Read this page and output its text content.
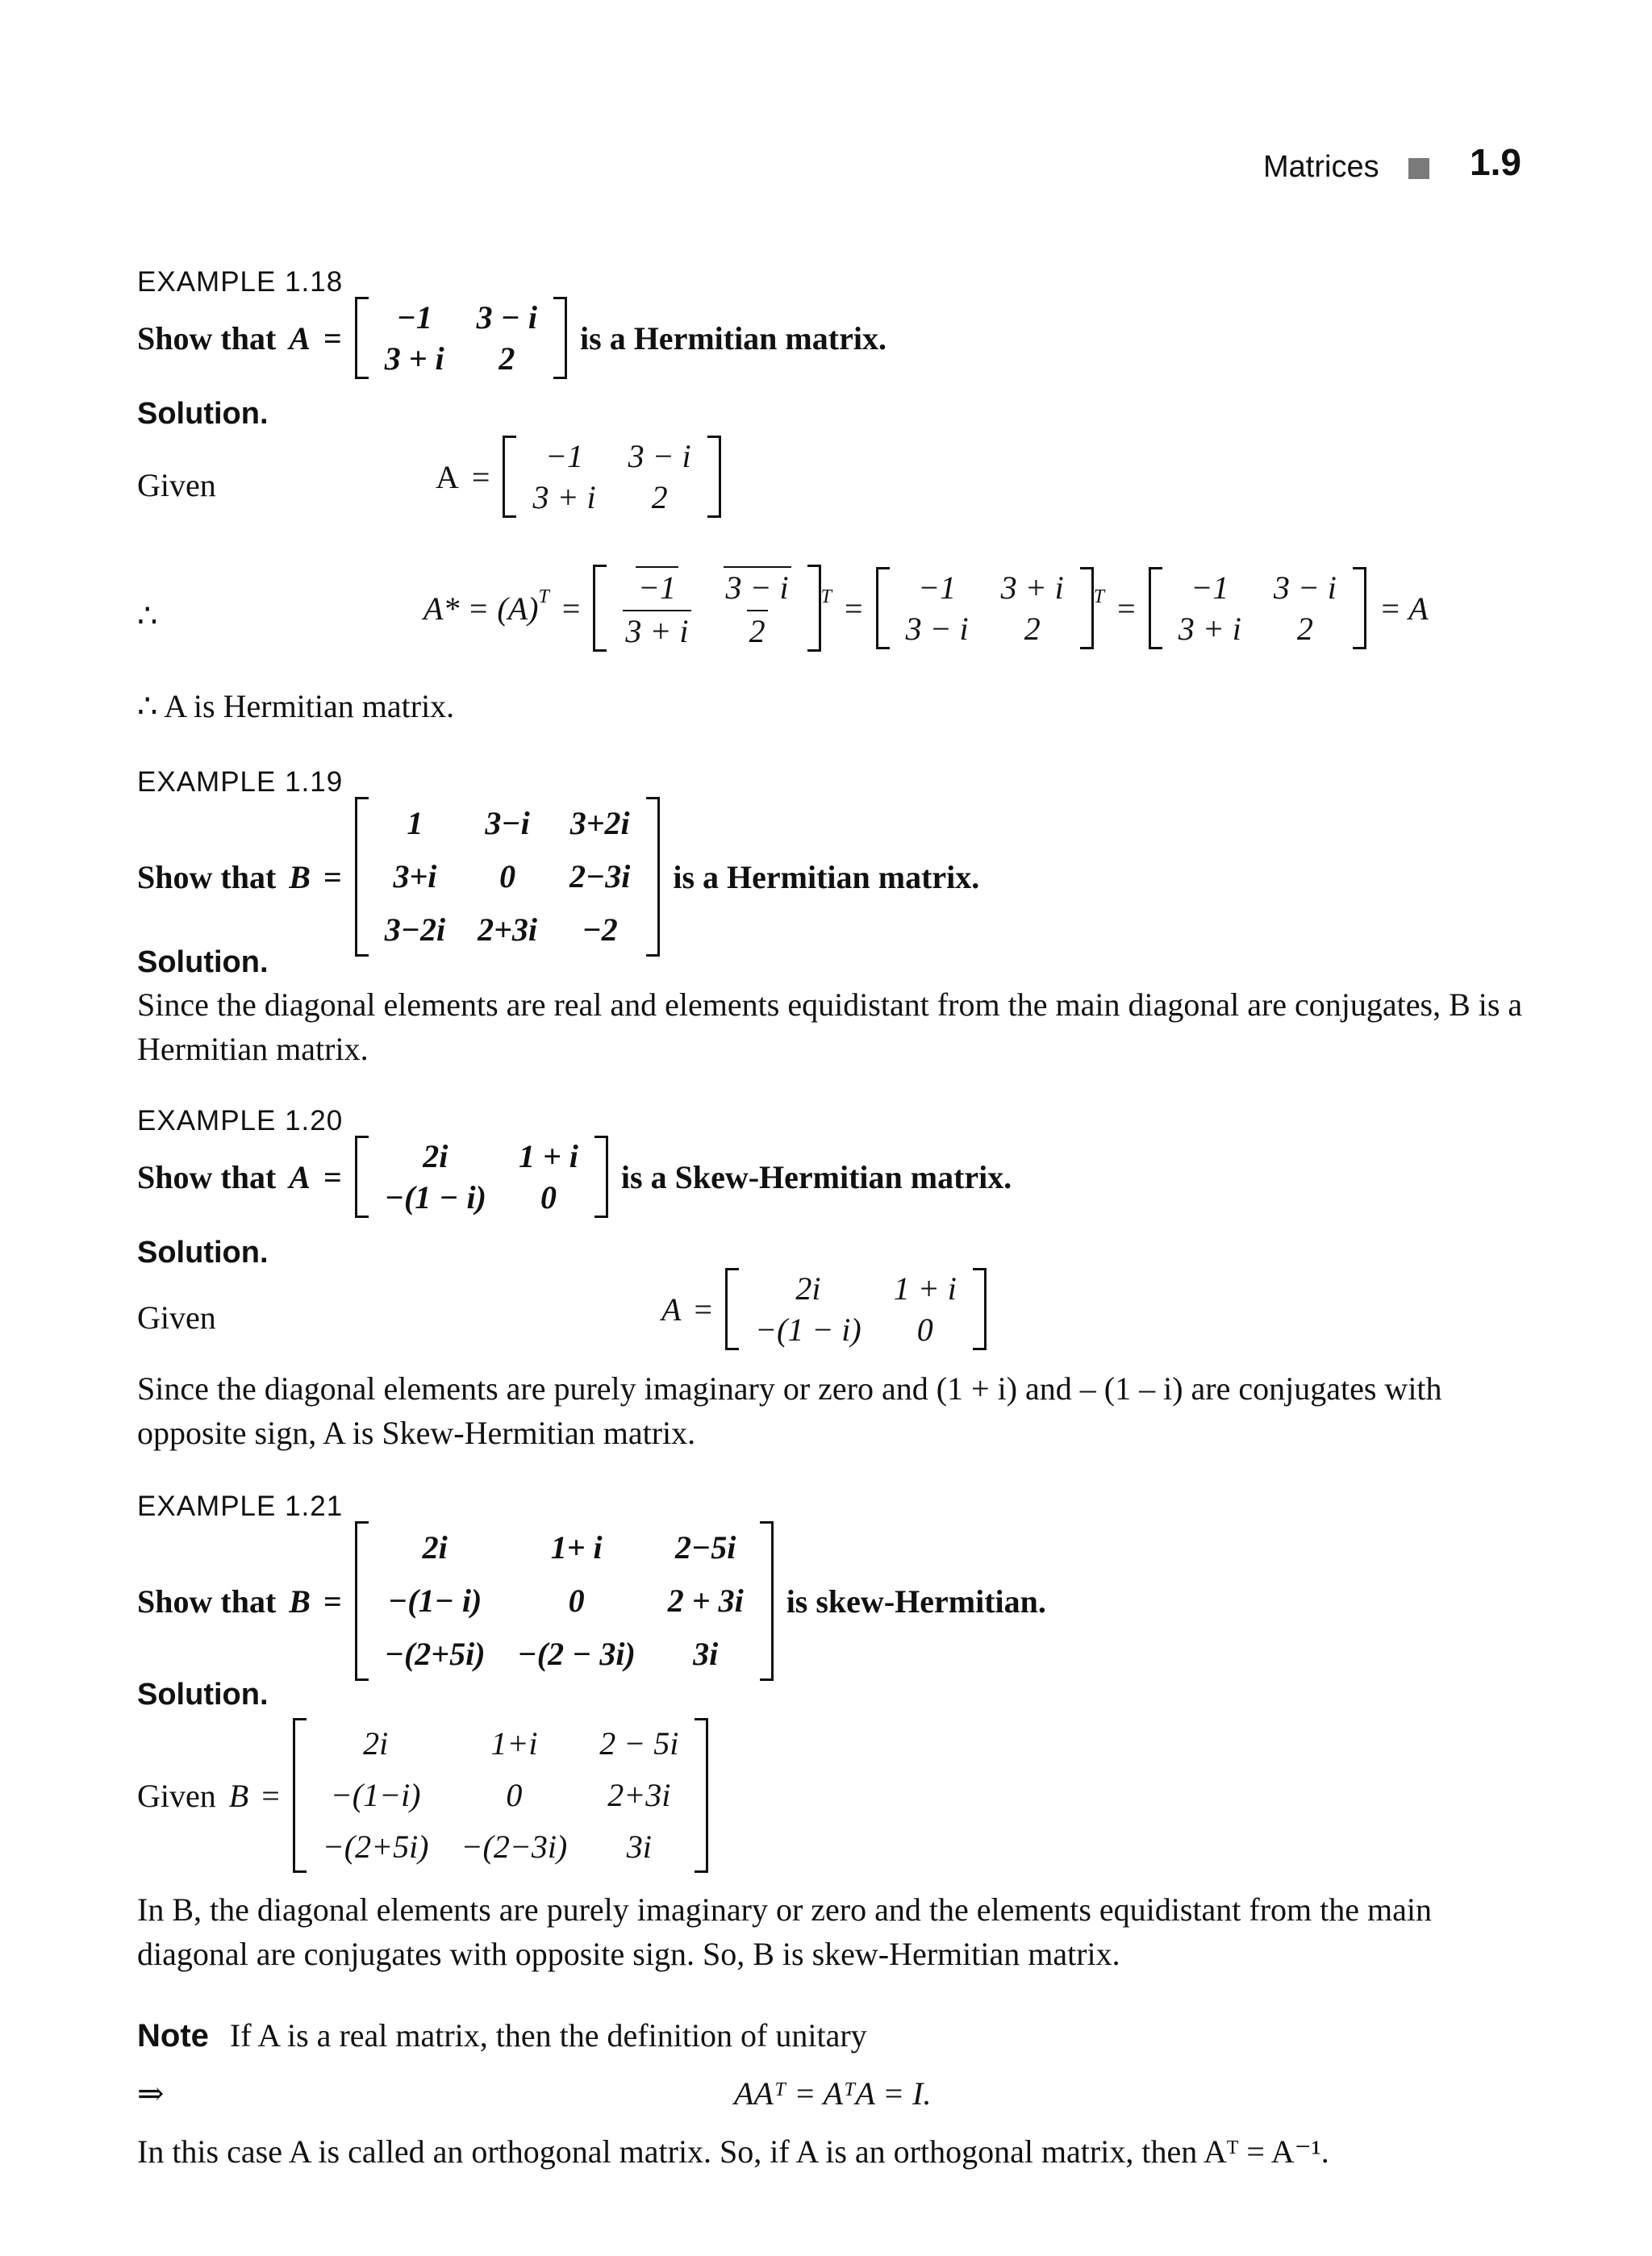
Matrices 1.9
EXAMPLE 1.18
Show that A =
−1	3 − i
3 + i	2
is a Hermitian matrix.
Solution.
Given	A =
−1	3 − i
3 + i	2
∴	A* = (A) T =
−1	3 − i
3 + i	2
T =
−1	3 + i
3 − i	2
T =
−1	3 − i
3 + i	2
= A
∴ A is Hermitian matrix.
EXAMPLE 1.19
Show that B =
1	3−i	3+2i
3+i	0	2−3i
3−2i	2+3i	−2
is a Hermitian matrix.
Solution.
Since the diagonal elements are real and elements equidistant from the main diagonal are conjugates, B is a Hermitian matrix.
EXAMPLE 1.20
Show that A =
2i	1 + i
−(1 − i)	0
is a Skew-Hermitian matrix.
Solution.
Given	A =
2i	1 + i
−(1 − i)	0
Since the diagonal elements are purely imaginary or zero and (1 + i) and – (1 – i) are conjugates with opposite sign, A is Skew-Hermitian matrix.
EXAMPLE 1.21
Show that B =
2i	1+ i	2−5i
−(1− i)	0	2 + 3i
−(2+5i)	−(2 − 3i)	3i
is skew-Hermitian.
Solution.
Given B =
2i	1+i	2 − 5i
−(1−i)	0	2+3i
−(2+5i)	−(2−3i)	3i
In B, the diagonal elements are purely imaginary or zero and the elements equidistant from the main diagonal are conjugates with opposite sign. So, B is skew-Hermitian matrix.
Note If A is a real matrix, then the definition of unitary
⇒	AAᵀ = AᵀA = I.
In this case A is called an orthogonal matrix. So, if A is an orthogonal matrix, then Aᵀ = A⁻¹.
